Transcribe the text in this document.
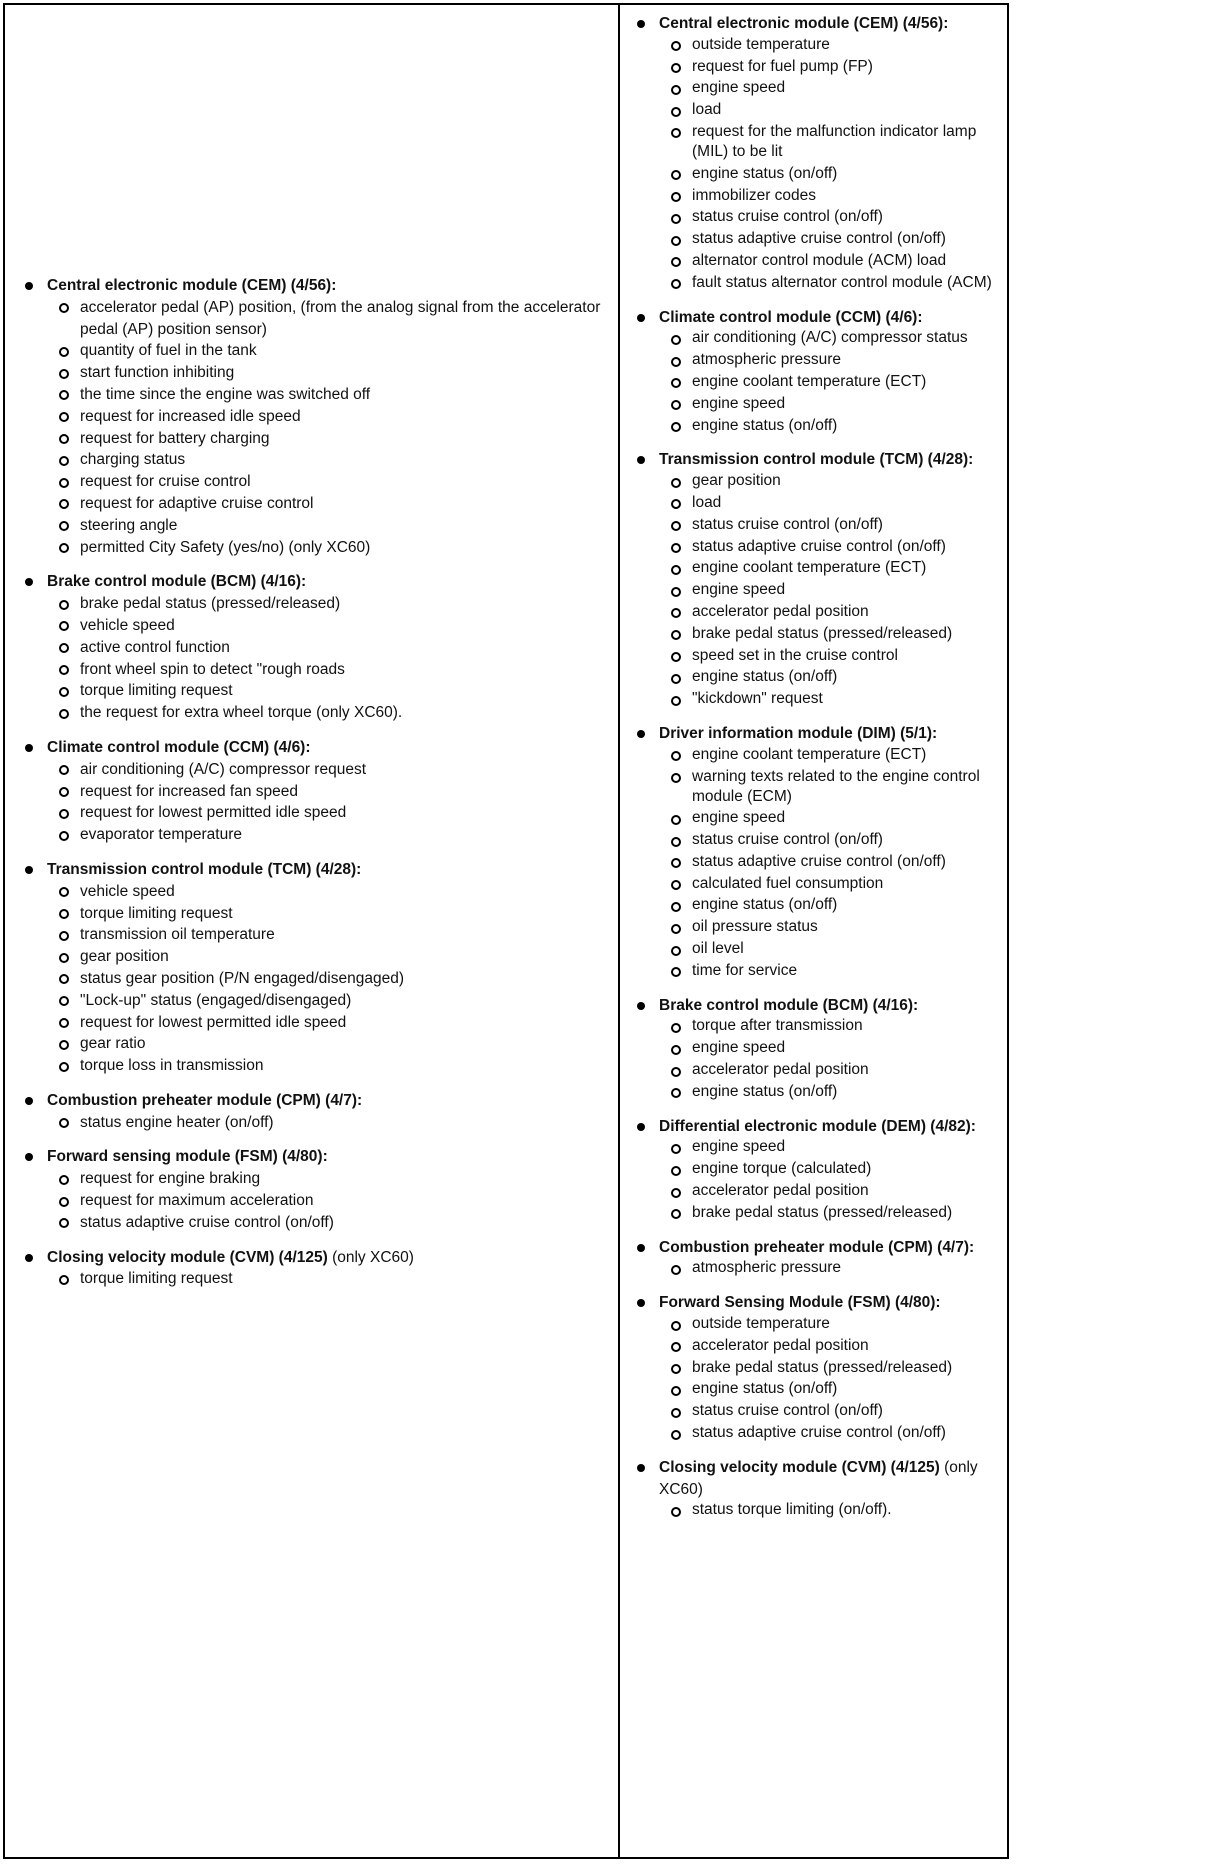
Central electronic module (CEM) (4/56):
accelerator pedal (AP) position, (from the analog signal from the accelerator pedal (AP) position sensor)
quantity of fuel in the tank
start function inhibiting
the time since the engine was switched off
request for increased idle speed
request for battery charging
charging status
request for cruise control
request for adaptive cruise control
steering angle
permitted City Safety (yes/no) (only XC60)
Brake control module (BCM) (4/16):
brake pedal status (pressed/released)
vehicle speed
active control function
front wheel spin to detect "rough roads
torque limiting request
the request for extra wheel torque (only XC60).
Climate control module (CCM) (4/6):
air conditioning (A/C) compressor request
request for increased fan speed
request for lowest permitted idle speed
evaporator temperature
Transmission control module (TCM) (4/28):
vehicle speed
torque limiting request
transmission oil temperature
gear position
status gear position (P/N engaged/disengaged)
"Lock-up" status (engaged/disengaged)
request for lowest permitted idle speed
gear ratio
torque loss in transmission
Combustion preheater module (CPM) (4/7):
status engine heater (on/off)
Forward sensing module (FSM) (4/80):
request for engine braking
request for maximum acceleration
status adaptive cruise control (on/off)
Closing velocity module (CVM) (4/125) (only XC60)
torque limiting request
Central electronic module (CEM) (4/56):
outside temperature
request for fuel pump (FP)
engine speed
load
request for the malfunction indicator lamp (MIL) to be lit
engine status (on/off)
immobilizer codes
status cruise control (on/off)
status adaptive cruise control (on/off)
alternator control module (ACM) load
fault status alternator control module (ACM)
Climate control module (CCM) (4/6):
air conditioning (A/C) compressor status
atmospheric pressure
engine coolant temperature (ECT)
engine speed
engine status (on/off)
Transmission control module (TCM) (4/28):
gear position
load
status cruise control (on/off)
status adaptive cruise control (on/off)
engine coolant temperature (ECT)
engine speed
accelerator pedal position
brake pedal status (pressed/released)
speed set in the cruise control
engine status (on/off)
"kickdown" request
Driver information module (DIM) (5/1):
engine coolant temperature (ECT)
warning texts related to the engine control module (ECM)
engine speed
status cruise control (on/off)
status adaptive cruise control (on/off)
calculated fuel consumption
engine status (on/off)
oil pressure status
oil level
time for service
Brake control module (BCM) (4/16):
torque after transmission
engine speed
accelerator pedal position
engine status (on/off)
Differential electronic module (DEM) (4/82):
engine speed
engine torque (calculated)
accelerator pedal position
brake pedal status (pressed/released)
Combustion preheater module (CPM) (4/7):
atmospheric pressure
Forward Sensing Module (FSM) (4/80):
outside temperature
accelerator pedal position
brake pedal status (pressed/released)
engine status (on/off)
status cruise control (on/off)
status adaptive cruise control (on/off)
Closing velocity module (CVM) (4/125) (only XC60)
status torque limiting (on/off).
